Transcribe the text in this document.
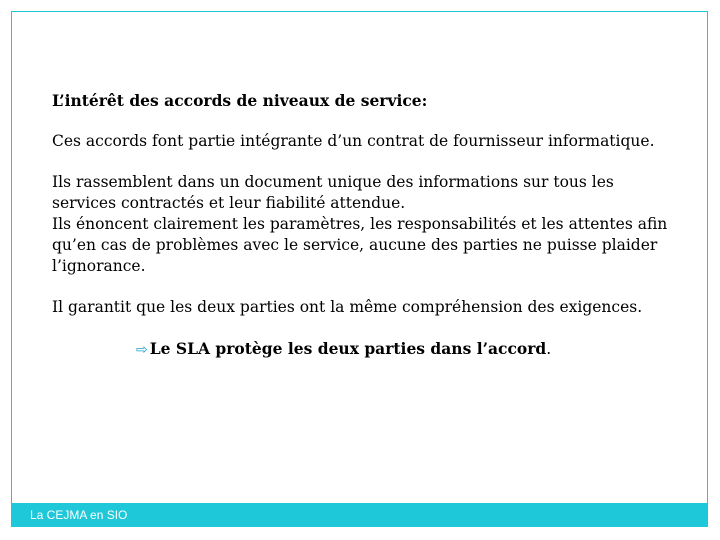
L’intérêt des accords de niveaux de service:

Ces accords font partie intégrante d’un contrat de fournisseur informatique.

Ils rassemblent dans un document unique des informations sur tous les services contractés et leur fiabilité attendue.

Ils énoncent clairement les paramètres, les responsabilités et les attentes afin qu’en cas de problèmes avec le service, aucune des parties ne puisse plaider l’ignorance.

Il garantit que les deux parties ont la même compréhension des exigences.

⇨ Le SLA protège les deux parties dans l’accord.

La CEJMA en SIO
